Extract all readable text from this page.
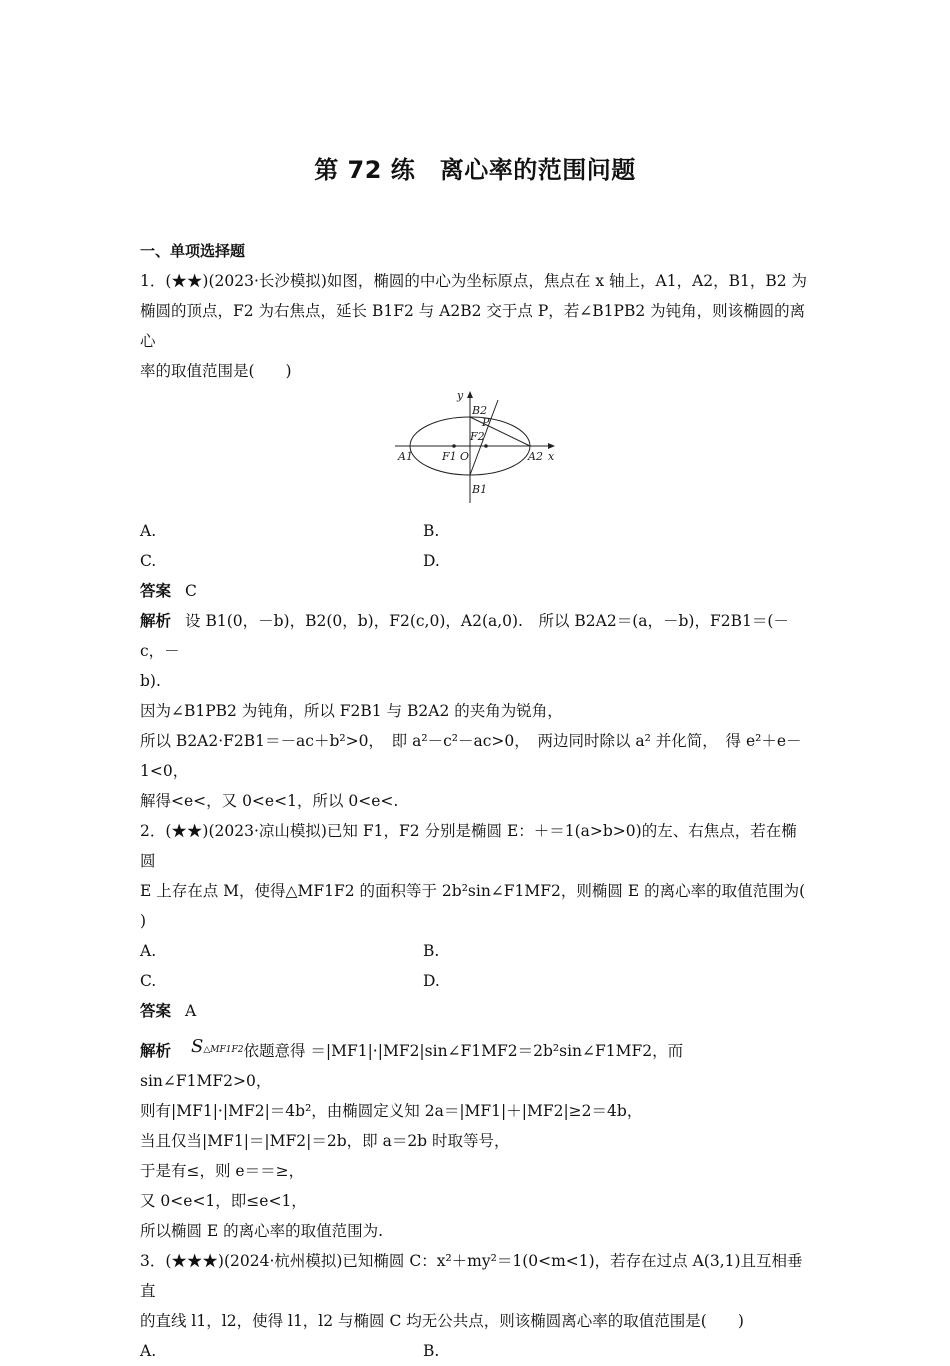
第 72 练　离心率的范围问题

一、单项选择题

1．(★★)(2023·长沙模拟)如图，椭圆的中心为坐标原点，焦点在 x 轴上，A1，A2，B1，B2 为

椭圆的顶点，F2 为右焦点，延长 B1F2 与 A2B2 交于点 P，若∠B1PB2 为钝角，则该椭圆的离心

率的取值范围是(　　)

y
x
B2
B1
A1	A2
F1 O
F2
P
A.	B.
C.	D.

答案 C

解析 设 B1(0，－b)，B2(0，b)，F2(c,0)，A2(a,0).　所以 B2A2＝(a，－b)，F2B1＝(－c，－

b).

因为∠B1PB2 为钝角，所以 F2B1 与 B2A2 的夹角为锐角，

所以 B2A2·F2B1＝－ac＋b²>0，　即 a²－c²－ac>0，　两边同时除以 a² 并化简，　得 e²＋e－

1<0，

解得<e<，又 0<e<1，所以 0<e<.

2．(★★)(2023·凉山模拟)已知 F1，F2 分别是椭圆 E：＋＝1(a>b>0)的左、右焦点，若在椭圆

E 上存在点 M，使得△MF1F2 的面积等于 2b²sin∠F1MF2，则椭圆 E 的离心率的取值范围为(

)

A.	B.
C.	D.

答案 A

解析 S△MF1F2依题意得 ＝|MF1|·|MF2|sin∠F1MF2＝2b²sin∠F1MF2，而 sin∠F1MF2>0，

则有|MF1|·|MF2|＝4b²，由椭圆定义知 2a＝|MF1|＋|MF2|≥2＝4b，

当且仅当|MF1|＝|MF2|＝2b，即 a＝2b 时取等号，

于是有≤，则 e＝＝≥，

又 0<e<1，即≤e<1，

所以椭圆 E 的离心率的取值范围为.

3．(★★★)(2024·杭州模拟)已知椭圆 C：x²＋my²＝1(0<m<1)，若存在过点 A(3,1)且互相垂直

的直线 l1，l2，使得 l1，l2 与椭圆 C 均无公共点，则该椭圆离心率的取值范围是(　　)

A.	B.
